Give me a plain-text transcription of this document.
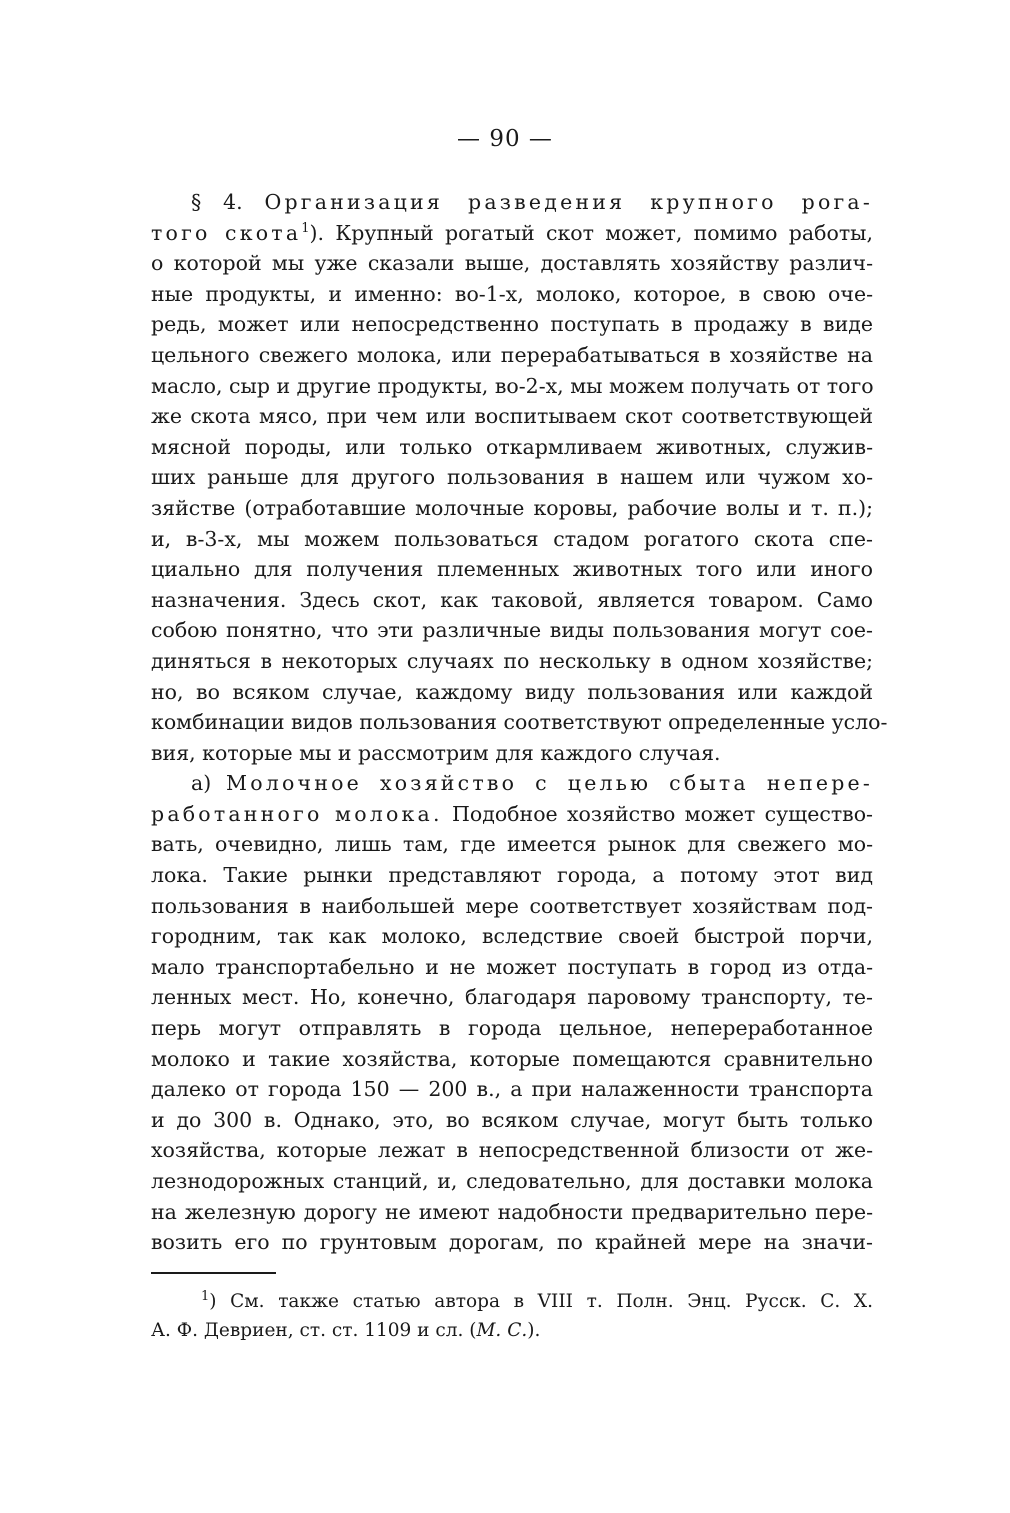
— 90 —
§ 4. Организация разведения крупного рога-
того скота$^1$). Крупный рогатый скот может, помимо работы,
о которой мы уже сказали выше, доставлять хозяйству различ-
ные продукты, и именно: во-1-х, молоко, которое, в свою оче-
редь, может или непосредственно поступать в продажу в виде
цельного свежего молока, или перерабатываться в хозяйстве на
масло, сыр и другие продукты, во-2-х, мы можем получать от того
же скота мясо, при чем или воспитываем скот соответствующей
мясной породы, или только откармливаем животных, служив-
ших раньше для другого пользования в нашем или чужом хо-
зяйстве (отработавшие молочные коровы, рабочие волы и т. п.);
и, в-3-х, мы можем пользоваться стадом рогатого скота спе-
циально для получения племенных животных того или иного
назначения. Здесь скот, как таковой, является товаром. Само
собою понятно, что эти различные виды пользования могут сое-
диняться в некоторых случаях по нескольку в одном хозяйстве;
но, во всяком случае, каждому виду пользования или каждой
комбинации видов пользования соответствуют определенные усло-
вия, которые мы и рассмотрим для каждого случая.
а) Молочное хозяйство с целью сбыта непере-
работанного молока. Подобное хозяйство может существо-
вать, очевидно, лишь там, где имеется рынок для свежего мо-
лока. Такие рынки представляют города, а потому этот вид
пользования в наибольшей мере соответствует хозяйствам под-
городним, так как молоко, вследствие своей быстрой порчи,
мало транспортабельно и не может поступать в город из отда-
ленных мест. Но, конечно, благодаря паровому транспорту, те-
перь могут отправлять в города цельное, непереработанное
молоко и такие хозяйства, которые помещаются сравнительно
далеко от города 150 — 200 в., а при налаженности транспорта
и до 300 в. Однако, это, во всяком случае, могут быть только
хозяйства, которые лежат в непосредственной близости от же-
лезнодорожных станций, и, следовательно, для доставки молока
на железную дорогу не имеют надобности предварительно пере-
возить его по грунтовым дорогам, по крайней мере на значи-
$^1$) См. также статью автора в VIII т. Полн. Энц. Русск. С. Х.
А. Ф. Девриен, ст. ст. 1109 и сл. (М. С.).
